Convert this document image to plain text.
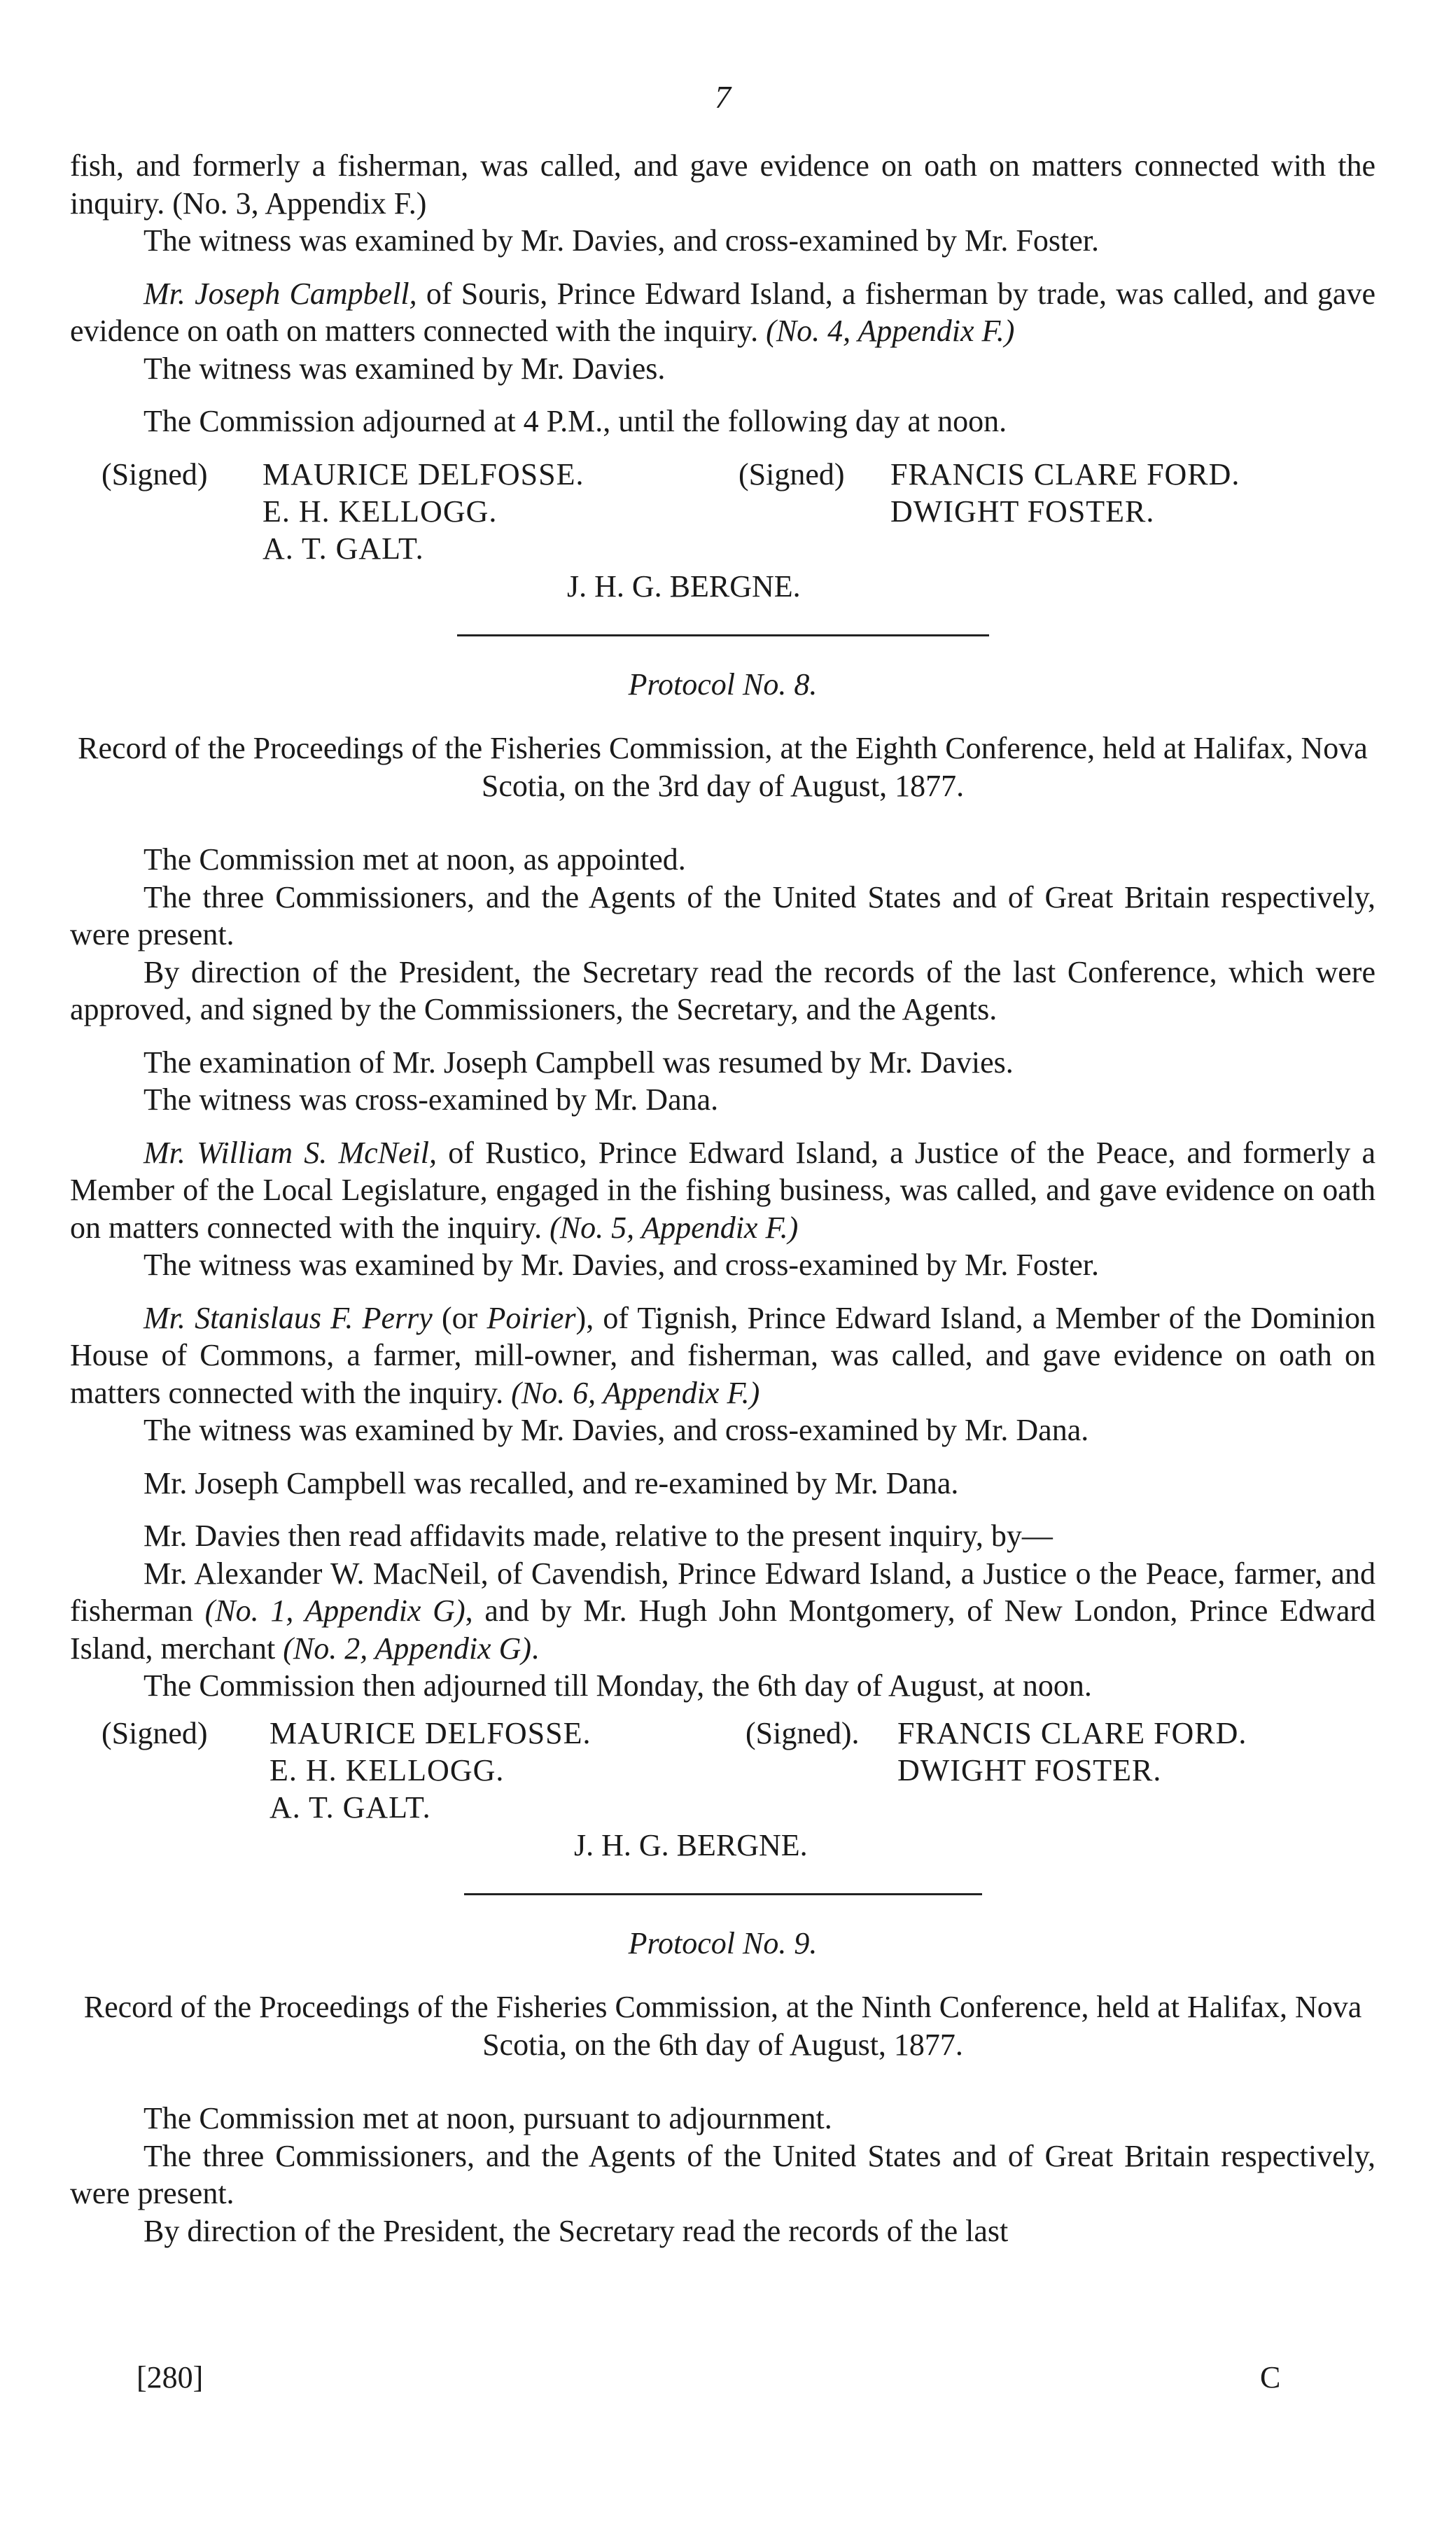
7

fish, and formerly a fisherman, was called, and gave evidence on oath on matters connected with the inquiry. (No. 3, Appendix F.)

The witness was examined by Mr. Davies, and cross-examined by Mr. Foster.

Mr. Joseph Campbell, of Souris, Prince Edward Island, a fisherman by trade, was called, and gave evidence on oath on matters connected with the inquiry. (No. 4, Appendix F.)

The witness was examined by Mr. Davies.

The Commission adjourned at 4 P.M., until the following day at noon.

(Signed) MAURICE DELFOSSE.	(Signed) FRANCIS CLARE FORD.
E. H. KELLOGG.	DWIGHT FOSTER.
A. T. GALT.
J. H. G. BERGNE.

Protocol No. 8.

Record of the Proceedings of the Fisheries Commission, at the Eighth Conference, held at Halifax, Nova Scotia, on the 3rd day of August, 1877.

The Commission met at noon, as appointed.

The three Commissioners, and the Agents of the United States and of Great Britain respectively, were present.

By direction of the President, the Secretary read the records of the last Conference, which were approved, and signed by the Commissioners, the Secretary, and the Agents.

The examination of Mr. Joseph Campbell was resumed by Mr. Davies.

The witness was cross-examined by Mr. Dana.

Mr. William S. McNeil, of Rustico, Prince Edward Island, a Justice of the Peace, and formerly a Member of the Local Legislature, engaged in the fishing business, was called, and gave evidence on oath on matters connected with the inquiry. (No. 5, Appendix F.)

The witness was examined by Mr. Davies, and cross-examined by Mr. Foster.

Mr. Stanislaus F. Perry (or Poirier), of Tignish, Prince Edward Island, a Member of the Dominion House of Commons, a farmer, mill-owner, and fisherman, was called, and gave evidence on oath on matters connected with the inquiry. (No. 6, Appendix F.)

The witness was examined by Mr. Davies, and cross-examined by Mr. Dana.

Mr. Joseph Campbell was recalled, and re-examined by Mr. Dana.

Mr. Davies then read affidavits made, relative to the present inquiry, by—

Mr. Alexander W. MacNeil, of Cavendish, Prince Edward Island, a Justice o the Peace, farmer, and fisherman (No. 1, Appendix G), and by Mr. Hugh John Montgomery, of New London, Prince Edward Island, merchant (No. 2, Appendix G).

The Commission then adjourned till Monday, the 6th day of August, at noon.

(Signed) MAURICE DELFOSSE.	(Signed). FRANCIS CLARE FORD.
E. H. KELLOGG.	DWIGHT FOSTER.
A. T. GALT.
J. H. G. BERGNE.

Protocol No. 9.

Record of the Proceedings of the Fisheries Commission, at the Ninth Conference, held at Halifax, Nova Scotia, on the 6th day of August, 1877.

The Commission met at noon, pursuant to adjournment.

The three Commissioners, and the Agents of the United States and of Great Britain respectively, were present.

By direction of the President, the Secretary read the records of the last

[280]	C
